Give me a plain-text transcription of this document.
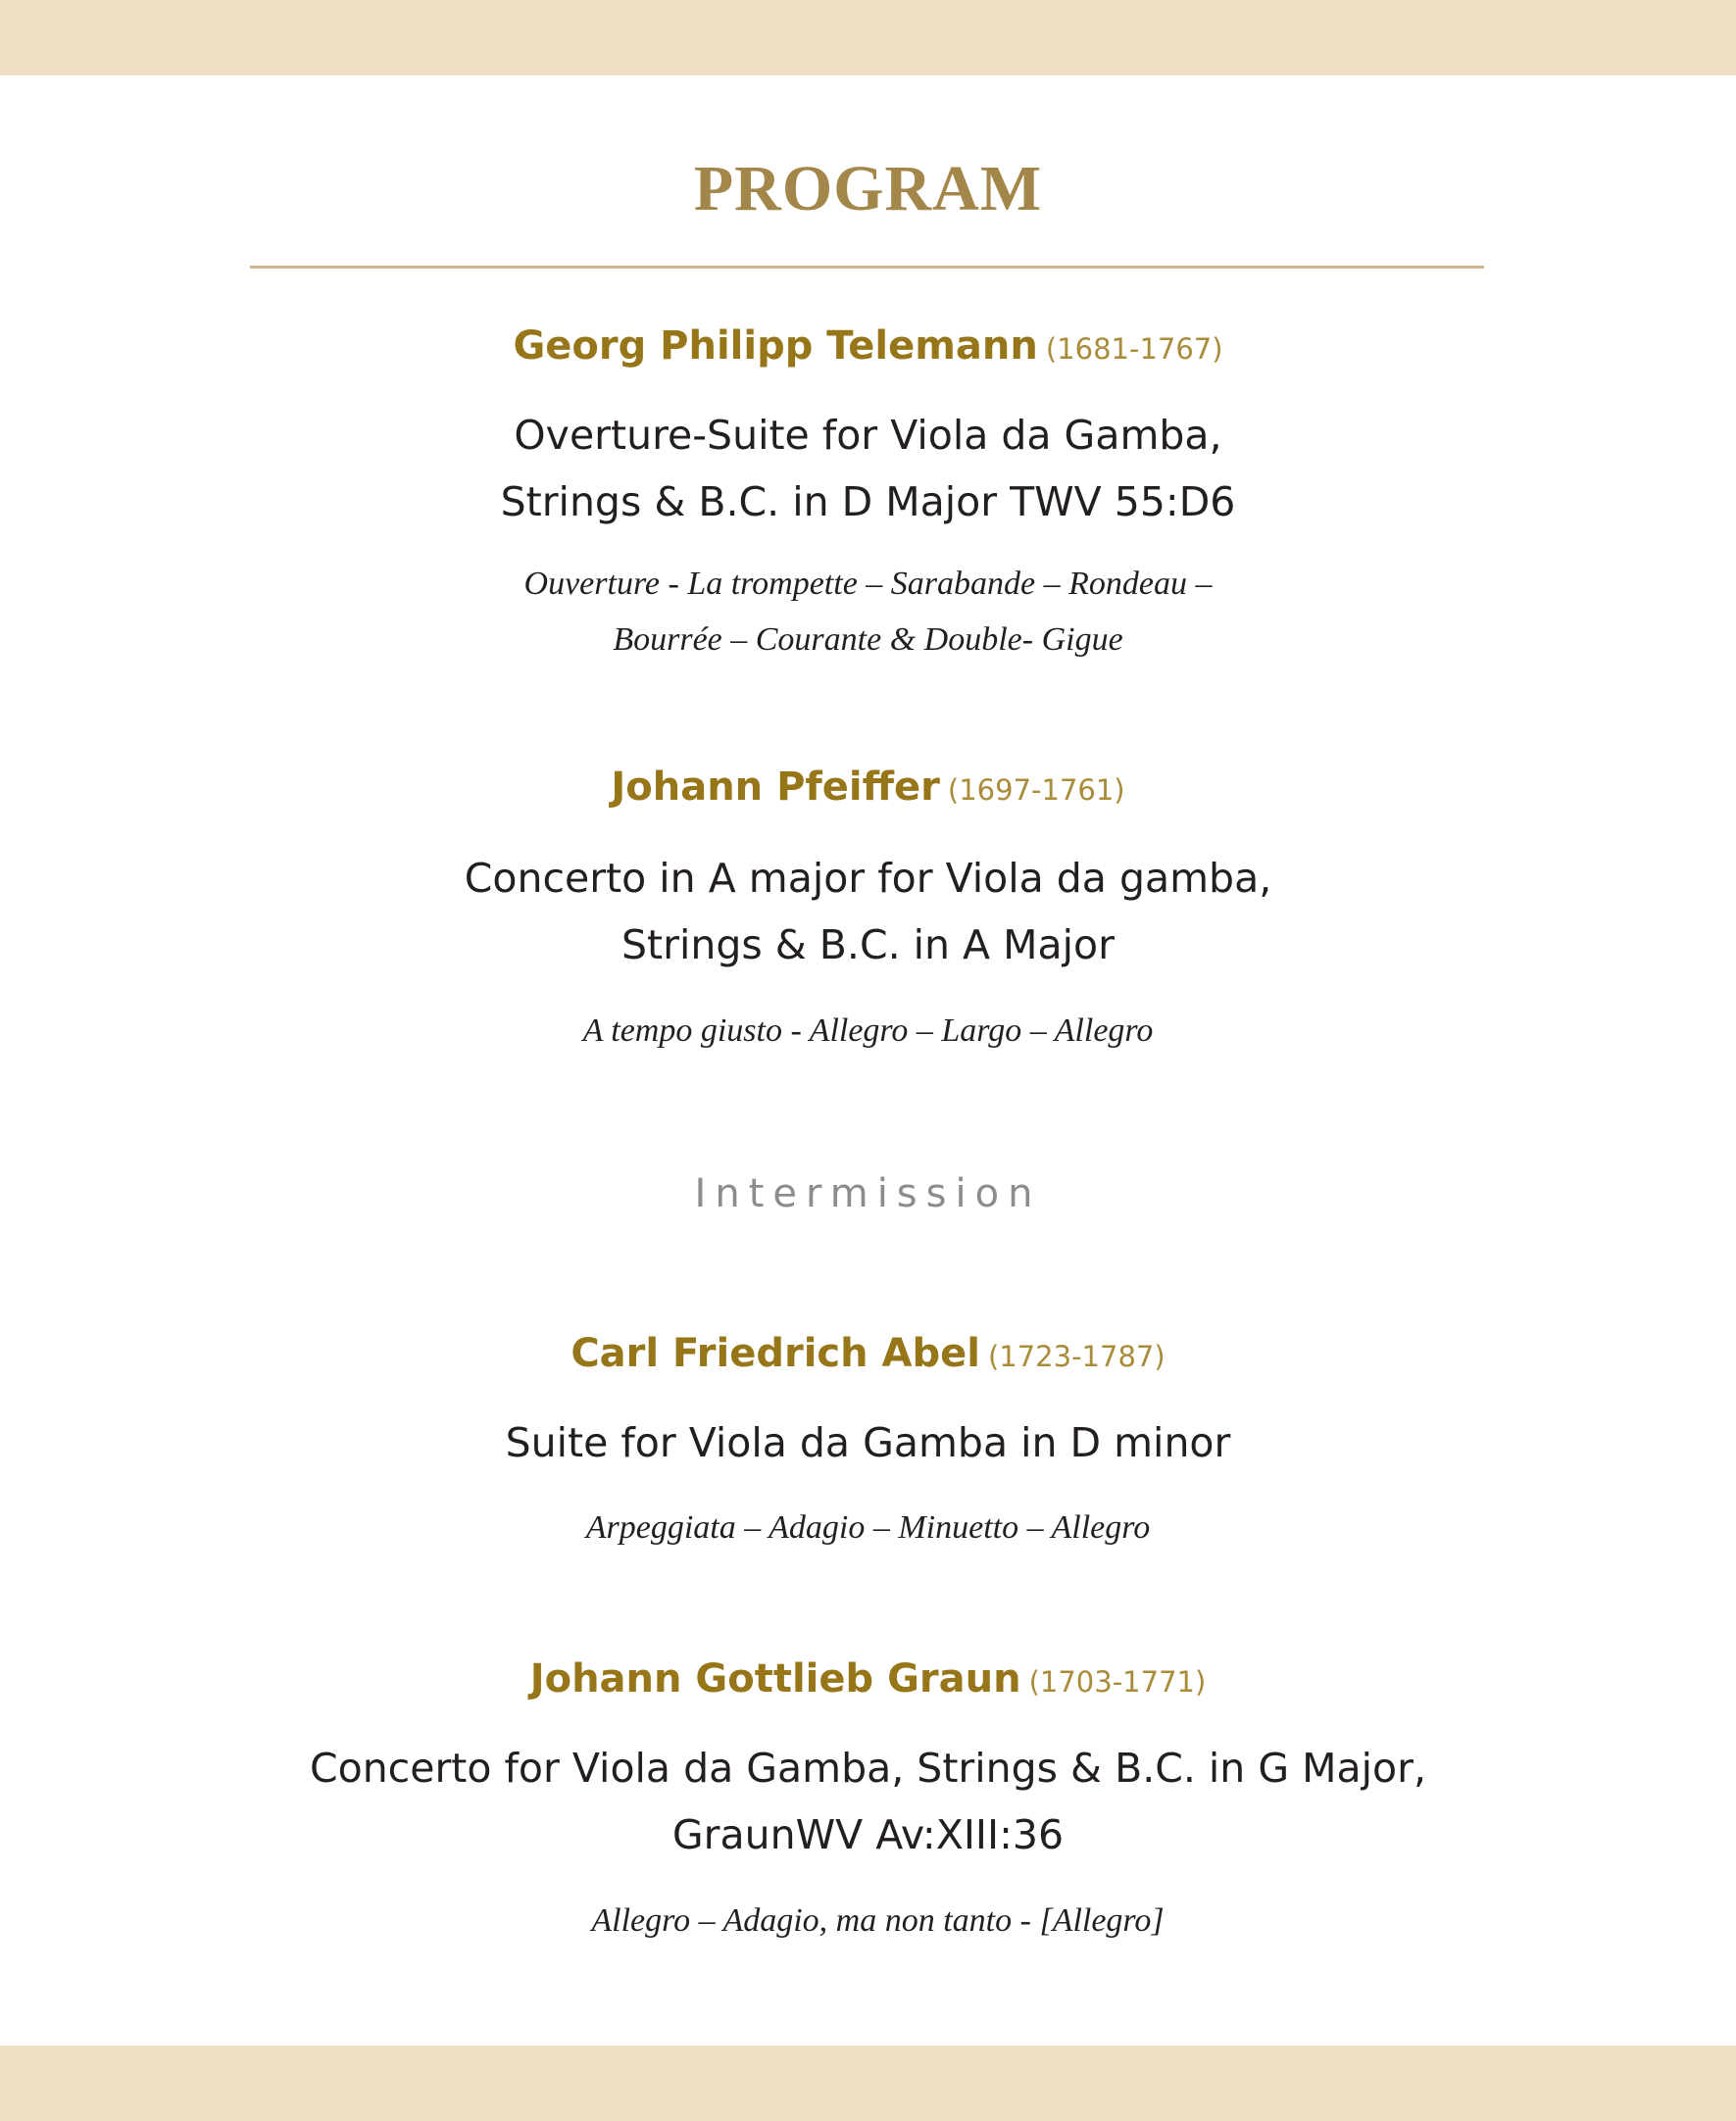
PROGRAM
Georg Philipp Telemann (1681-1767)
Overture-Suite for Viola da Gamba,
Strings & B.C. in D Major TWV 55:D6
Ouverture - La trompette – Sarabande – Rondeau –
Bourrée – Courante & Double- Gigue
Johann Pfeiffer (1697-1761)
Concerto in A major for Viola da gamba,
Strings & B.C. in A Major
A tempo giusto - Allegro – Largo – Allegro
Intermission
Carl Friedrich Abel (1723-1787)
Suite for Viola da Gamba in D minor
Arpeggiata – Adagio – Minuetto – Allegro
Johann Gottlieb Graun (1703-1771)
Concerto for Viola da Gamba, Strings & B.C. in G Major,
GraunWV Av:XIII:36
Allegro – Adagio, ma non tanto - [Allegro]
